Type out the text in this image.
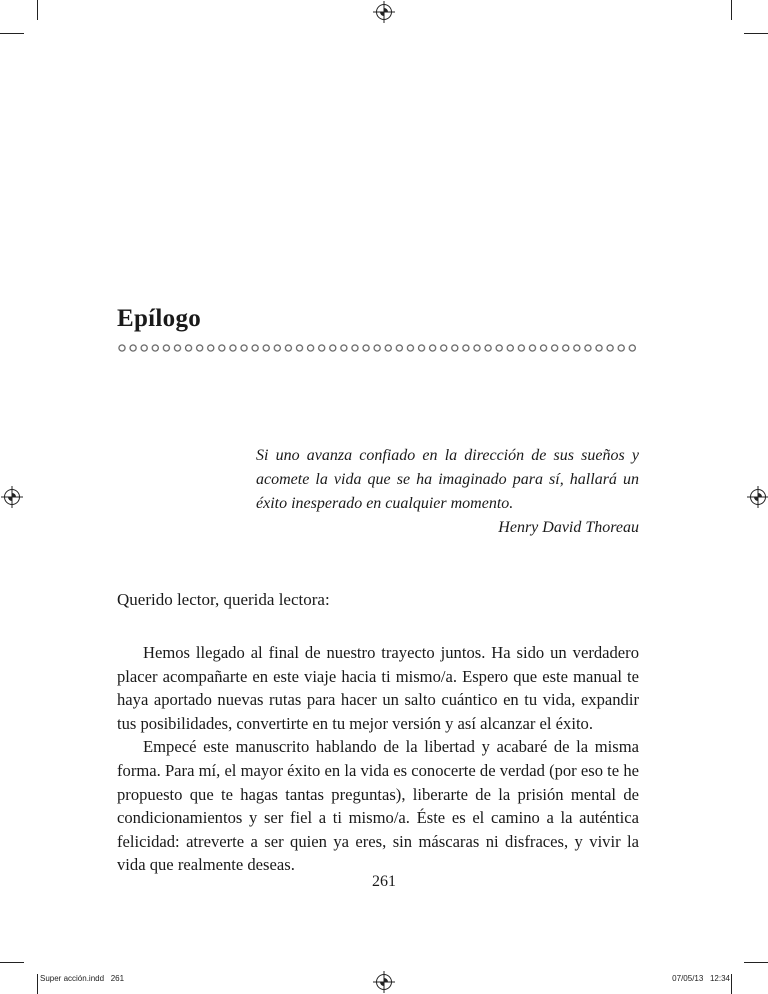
Epílogo
Si uno avanza confiado en la dirección de sus sueños y acomete la vida que se ha imaginado para sí, hallará un éxito inesperado en cualquier momento.
Henry David Thoreau
Querido lector, querida lectora:

Hemos llegado al final de nuestro trayecto juntos. Ha sido un verdadero placer acompañarte en este viaje hacia ti mismo/a. Espero que este manual te haya aportado nuevas rutas para hacer un salto cuántico en tu vida, expandir tus posibilidades, convertirte en tu mejor versión y así alcanzar el éxito.

Empecé este manuscrito hablando de la libertad y acabaré de la misma forma. Para mí, el mayor éxito en la vida es conocerte de verdad (por eso te he propuesto que te hagas tantas preguntas), liberarte de la prisión mental de condicionamientos y ser fiel a ti mismo/a. Éste es el camino a la auténtica felicidad: atreverte a ser quien ya eres, sin máscaras ni disfraces, y vivir la vida que realmente deseas.

261
Super acción.indd   261	07/05/13   12:34
